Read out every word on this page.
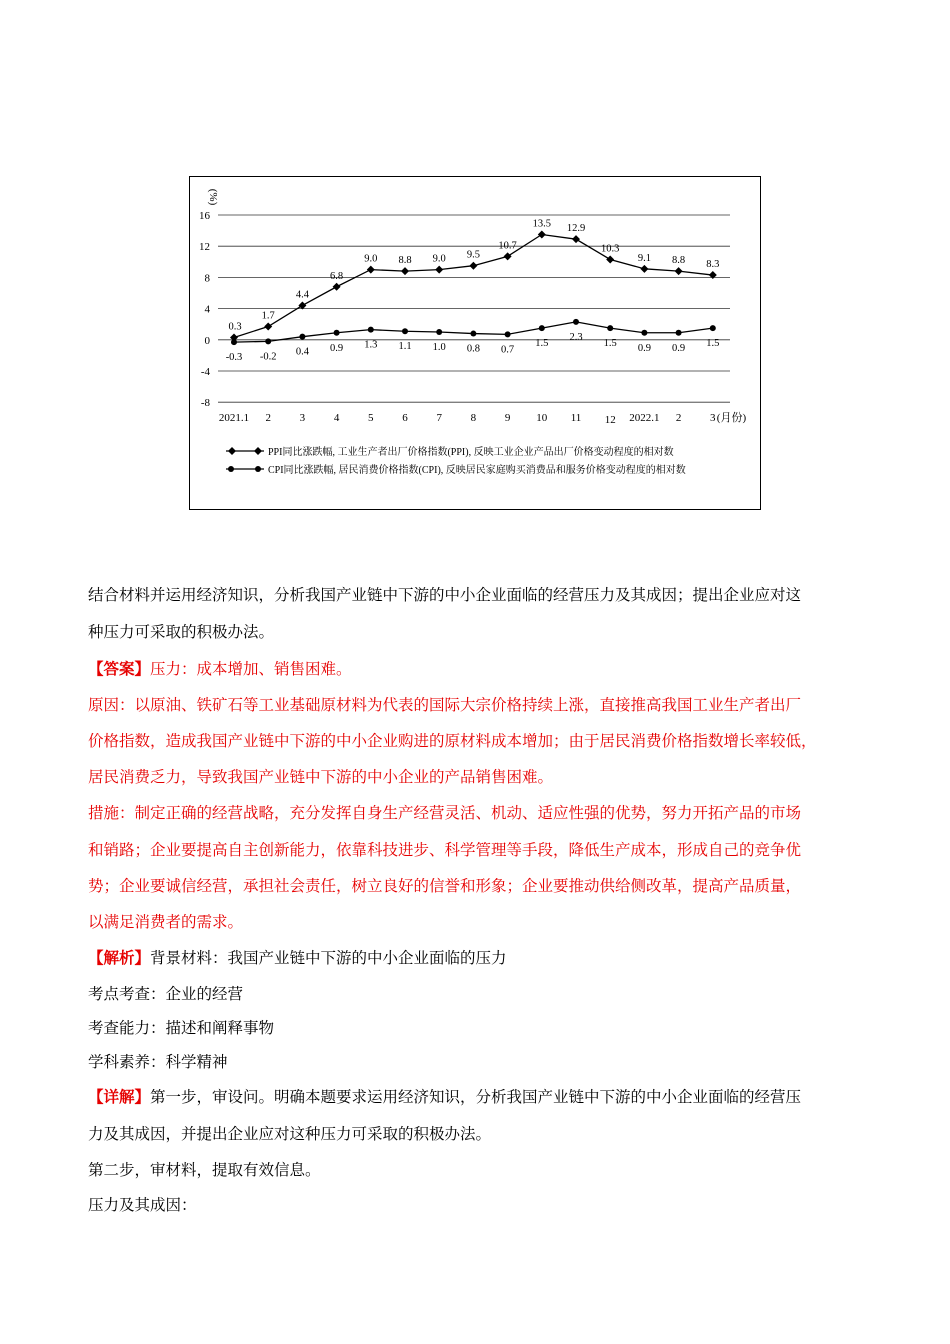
16
12
8
4
0
-4
-8
(%)
2021.1 2	3	4	5	6	7	8	9 10 11 12 2022.1 2	3 (月份)
0.3
1.7
4.4
6.8
9.0 8.8 9.0 9.5
10.7
13.5 12.9
10.3
9.1 8.8 8.3
-0.3 -0.2 0.4 0.9 1.3 1.1 1.0 0.8 0.7
1.5
2.3
1.5 0.9 0.9 1.5
PPI同比涨跌幅, 工业生产者出厂价格指数(PPI), 反映工业企业产品出厂价格变动程度的相对数
CPI同比涨跌幅, 居民消费价格指数(CPI), 反映居民家庭购买消费品和服务价格变动程度的相对数
结合材料并运用经济知识，分析我国产业链中下游的中小企业面临的经营压力及其成因；提出企业应对这
种压力可采取的积极办法。
【答案】压力：成本增加、销售困难。
原因：以原油、铁矿石等工业基础原材料为代表的国际大宗价格持续上涨，直接推高我国工业生产者出厂
价格指数，造成我国产业链中下游的中小企业购进的原材料成本增加；由于居民消费价格指数增长率较低，
居民消费乏力，导致我国产业链中下游的中小企业的产品销售困难。
措施：制定正确的经营战略，充分发挥自身生产经营灵活、机动、适应性强的优势，努力开拓产品的市场
和销路；企业要提高自主创新能力，依靠科技进步、科学管理等手段，降低生产成本，形成自己的竞争优
势；企业要诚信经营，承担社会责任，树立良好的信誉和形象；企业要推动供给侧改革，提高产品质量，
以满足消费者的需求。
【解析】背景材料：我国产业链中下游的中小企业面临的压力
考点考查：企业的经营
考查能力：描述和阐释事物
学科素养：科学精神
【详解】第一步，审设问。明确本题要求运用经济知识，分析我国产业链中下游的中小企业面临的经营压
力及其成因，并提出企业应对这种压力可采取的积极办法。
第二步，审材料，提取有效信息。
压力及其成因：
